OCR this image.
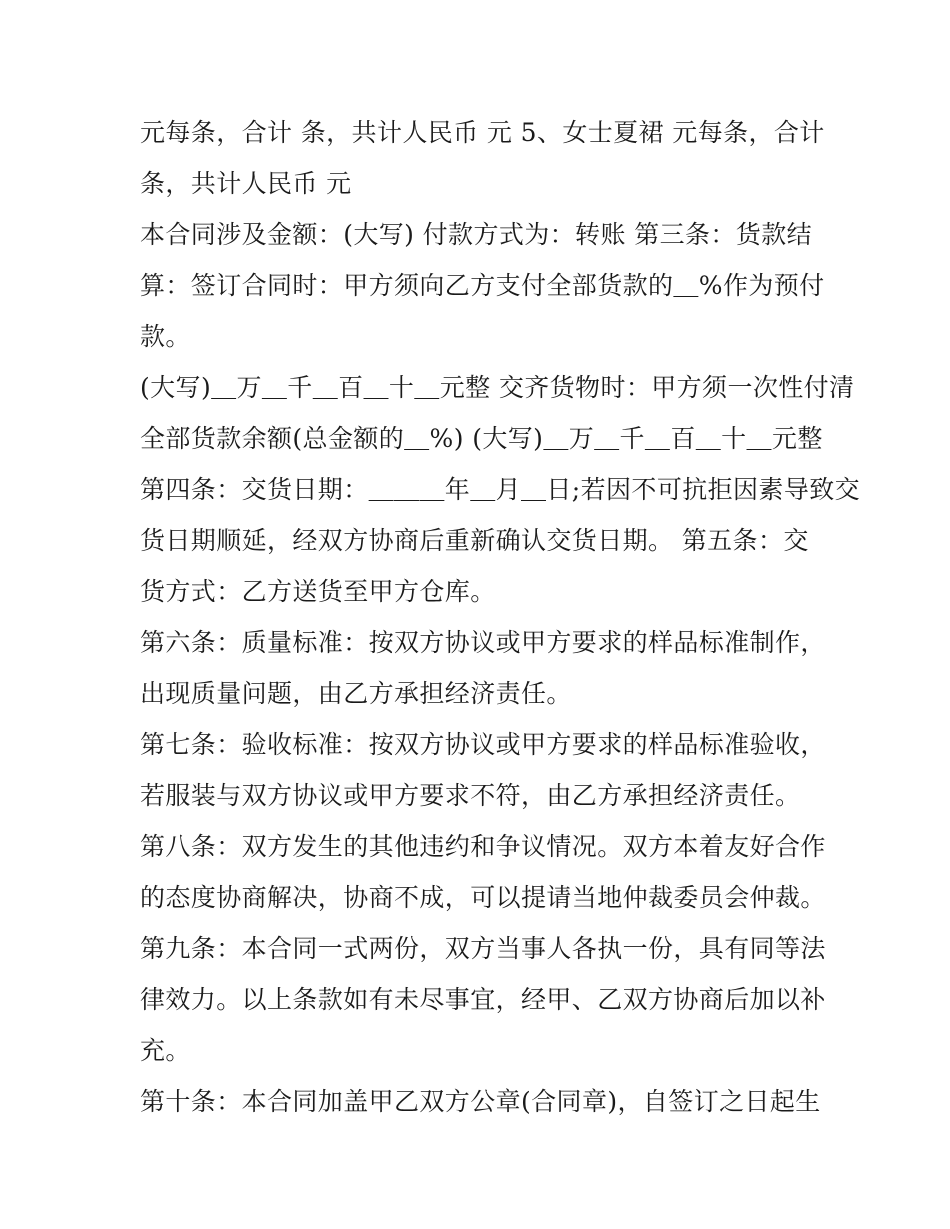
元每条，合计 条，共计人民币 元 5、女士夏裙 元每条，合计
条，共计人民币 元
本合同涉及金额：(大写) 付款方式为：转账 第三条：货款结
算：签订合同时：甲方须向乙方支付全部货款的＿%作为预付
款。
(大写)＿万＿千＿百＿十＿元整 交齐货物时：甲方须一次性付清
全部货款余额(总金额的＿%) (大写)＿万＿千＿百＿十＿元整
第四条：交货日期：＿＿＿年＿月＿日;若因不可抗拒因素导致交
货日期顺延，经双方协商后重新确认交货日期。 第五条：交
货方式：乙方送货至甲方仓库。
第六条：质量标准：按双方协议或甲方要求的样品标准制作，
出现质量问题，由乙方承担经济责任。
第七条：验收标准：按双方协议或甲方要求的样品标准验收，
若服装与双方协议或甲方要求不符，由乙方承担经济责任。
第八条：双方发生的其他违约和争议情况。双方本着友好合作
的态度协商解决，协商不成，可以提请当地仲裁委员会仲裁。
第九条：本合同一式两份，双方当事人各执一份，具有同等法
律效力。以上条款如有未尽事宜，经甲、乙双方协商后加以补
充。
第十条：本合同加盖甲乙双方公章(合同章)，自签订之日起生
